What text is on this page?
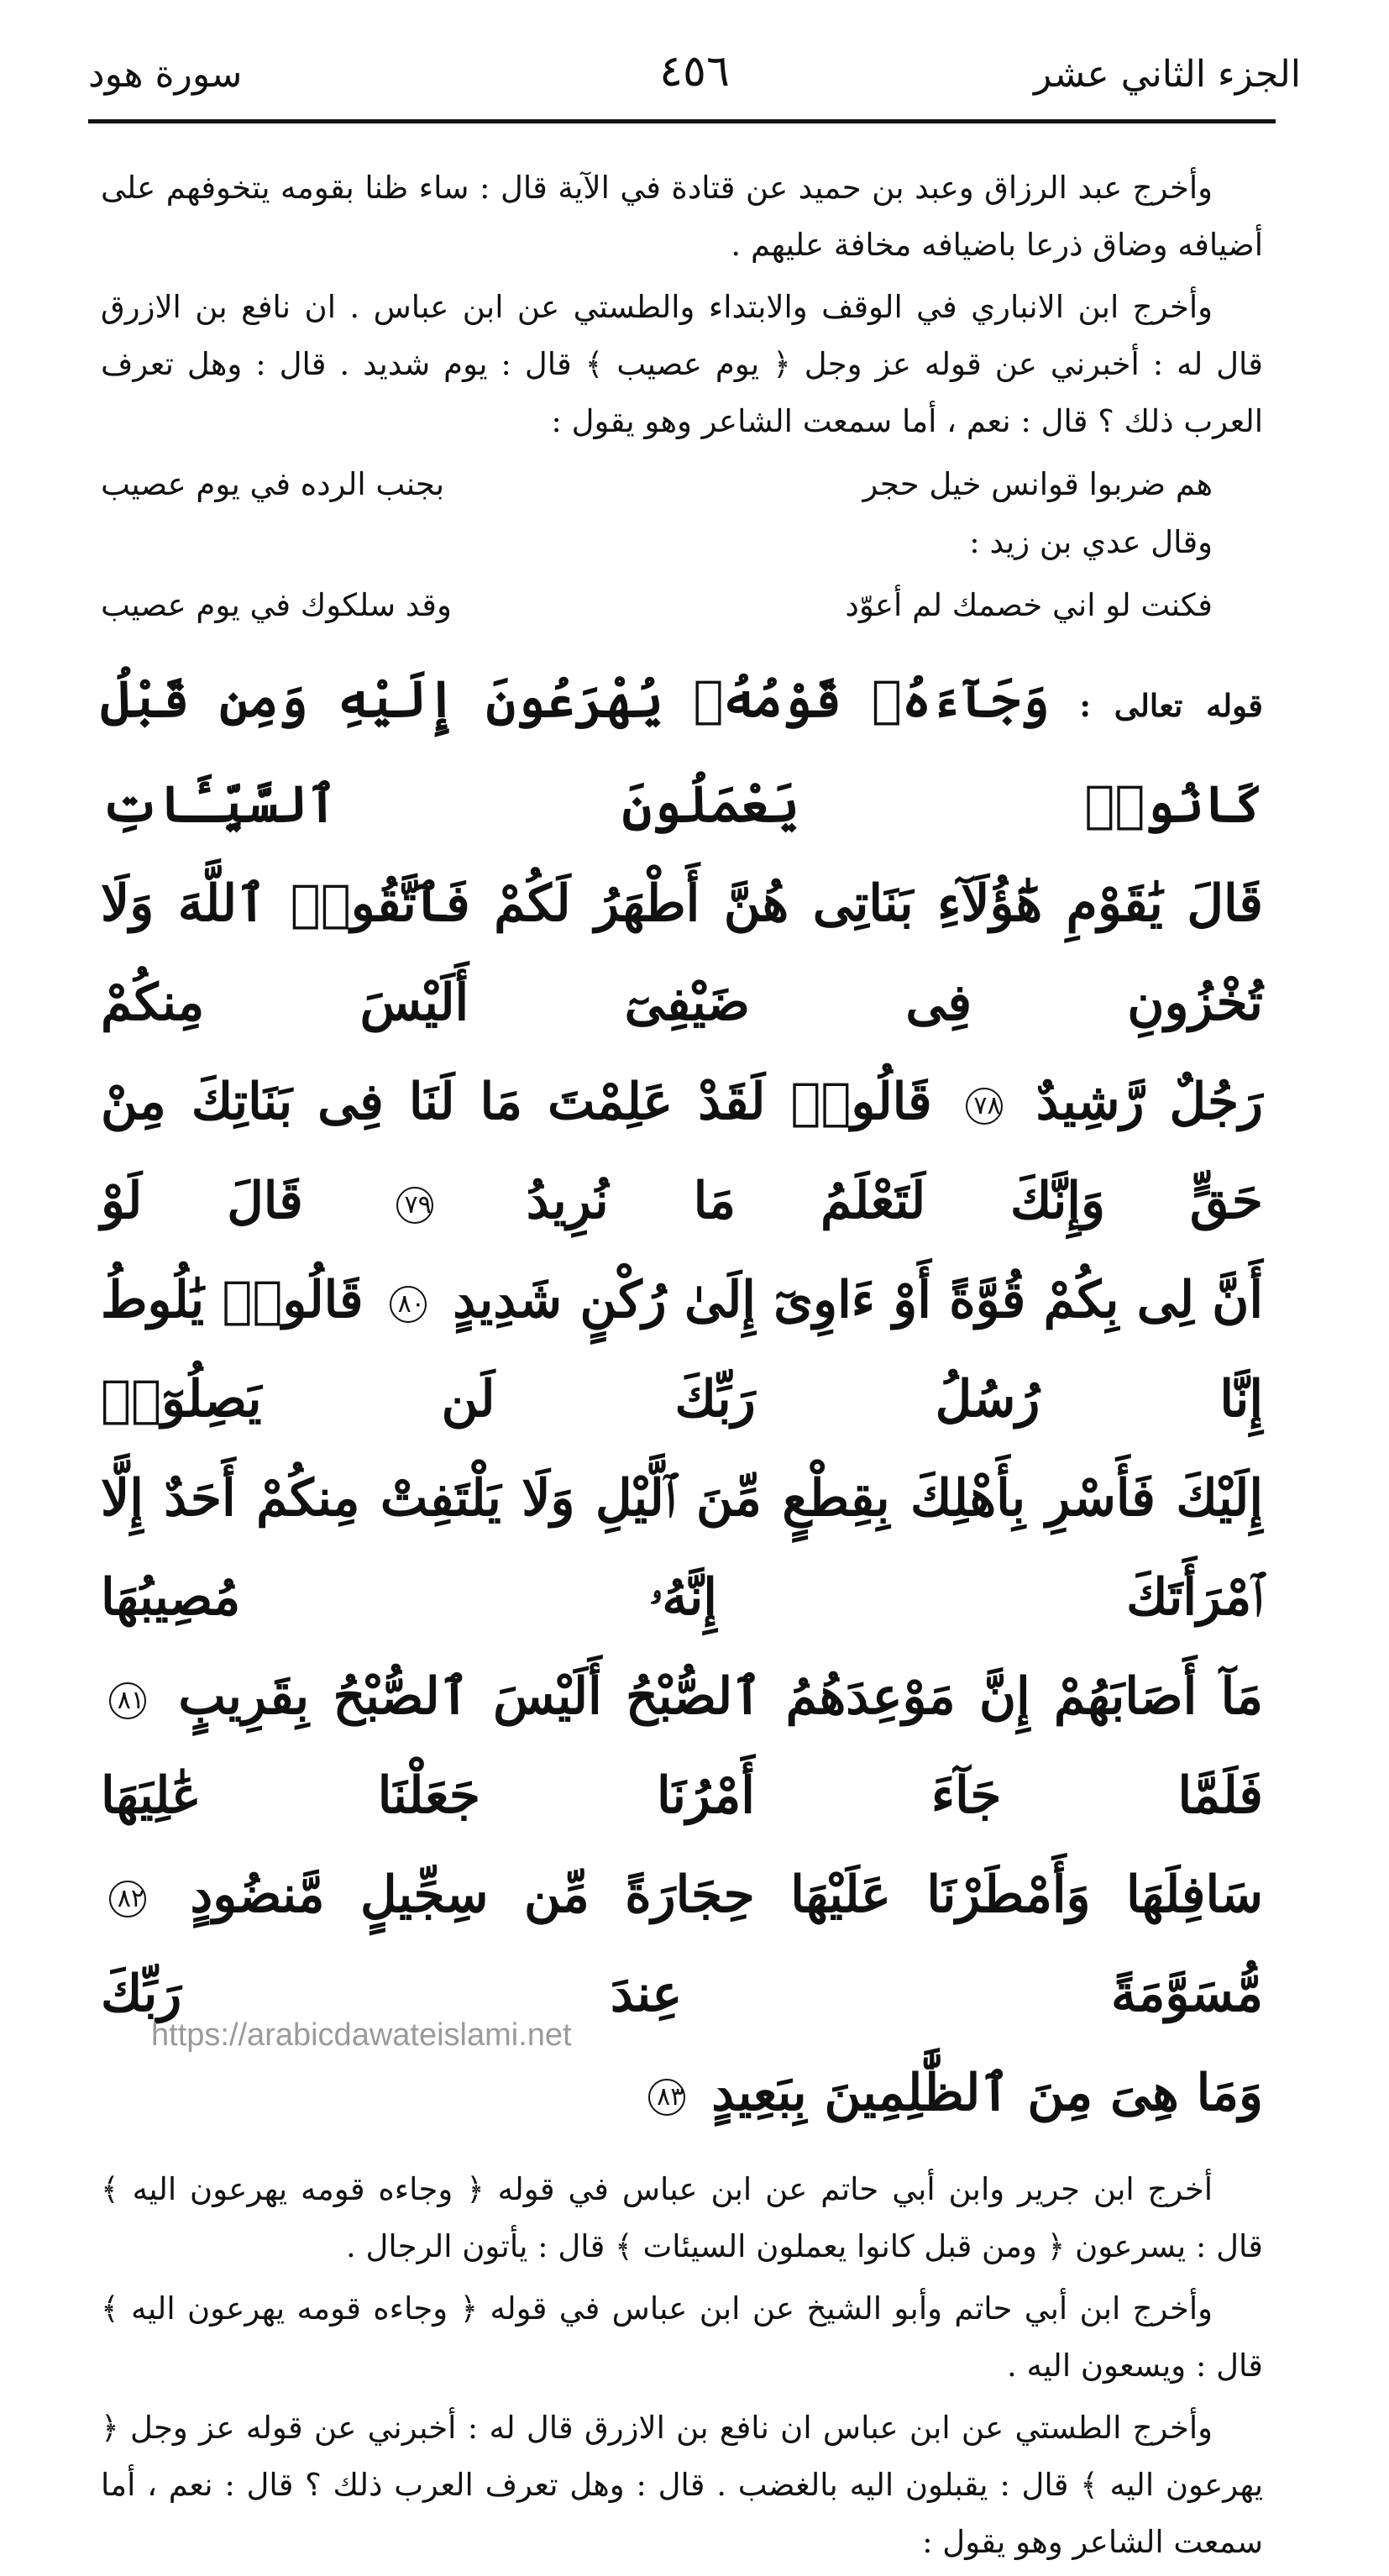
الجزء الثاني عشر
٤٥٦
سورة هود

وأخرج عبد الرزاق وعبد بن حميد عن قتادة في الآية قال : ساء ظنا بقومه يتخوفهم على أضيافه وضاق ذرعا باضيافه مخافة عليهم .

وأخرج ابن الانباري في الوقف والابتداء والطستي عن ابن عباس . ان نافع بن الازرق قال له : أخبرني عن قوله عز وجل ﴿ يوم عصيب ﴾ قال : يوم شديد . قال : وهل تعرف العرب ذلك ؟ قال : نعم ، أما سمعت الشاعر وهو يقول :

هم ضربوا قوانس خيل حجر
بجنب الرده في يوم عصيب

وقال عدي بن زيد :

فكنت لو اني خصمك لم أعوّد
وقد سلكوك في يوم عصيب

قوله تعالى : وَجَآءَهُۥ قَوْمُهُۥ يُهْرَعُونَ إِلَيْهِ وَمِن قَبْلُ كَانُوا۟ يَعْمَلُونَ ٱلسَّيِّـَٔاتِ

قَالَ يَٰقَوْمِ هَٰٓؤُلَآءِ بَنَاتِى هُنَّ أَطْهَرُ لَكُمْ فَٱتَّقُوا۟ ٱللَّهَ وَلَا تُخْزُونِ فِى ضَيْفِىٓ أَلَيْسَ مِنكُمْ

رَجُلٌ رَّشِيدٌ ٧٨ قَالُوا۟ لَقَدْ عَلِمْتَ مَا لَنَا فِى بَنَاتِكَ مِنْ حَقٍّ وَإِنَّكَ لَتَعْلَمُ مَا نُرِيدُ ٧٩ قَالَ لَوْ

أَنَّ لِى بِكُمْ قُوَّةً أَوْ ءَاوِىٓ إِلَىٰ رُكْنٍ شَدِيدٍ ٨٠ قَالُوا۟ يَٰلُوطُ إِنَّا رُسُلُ رَبِّكَ لَن يَصِلُوٓا۟

إِلَيْكَ فَأَسْرِ بِأَهْلِكَ بِقِطْعٍ مِّنَ ٱلَّيْلِ وَلَا يَلْتَفِتْ مِنكُمْ أَحَدٌ إِلَّا ٱمْرَأَتَكَ إِنَّهُۥ مُصِيبُهَا

مَآ أَصَابَهُمْ إِنَّ مَوْعِدَهُمُ ٱلصُّبْحُ أَلَيْسَ ٱلصُّبْحُ بِقَرِيبٍ ٨١ فَلَمَّا جَآءَ أَمْرُنَا جَعَلْنَا عَٰلِيَهَا

سَافِلَهَا وَأَمْطَرْنَا عَلَيْهَا حِجَارَةً مِّن سِجِّيلٍ مَّنضُودٍ ٨٢ مُّسَوَّمَةً عِندَ رَبِّكَ

وَمَا هِىَ مِنَ ٱلظَّٰلِمِينَ بِبَعِيدٍ ٨٣

أخرج ابن جرير وابن أبي حاتم عن ابن عباس في قوله ﴿ وجاءه قومه يهرعون اليه ﴾ قال : يسرعون ﴿ ومن قبل كانوا يعملون السيئات ﴾ قال : يأتون الرجال .

وأخرج ابن أبي حاتم وأبو الشيخ عن ابن عباس في قوله ﴿ وجاءه قومه يهرعون اليه ﴾ قال : ويسعون اليه .

وأخرج الطستي عن ابن عباس ان نافع بن الازرق قال له : أخبرني عن قوله عز وجل ﴿ يهرعون اليه ﴾ قال : يقبلون اليه بالغضب . قال : وهل تعرف العرب ذلك ؟ قال : نعم ، أما سمعت الشاعر وهو يقول :

https://arabicdawateislami.net
